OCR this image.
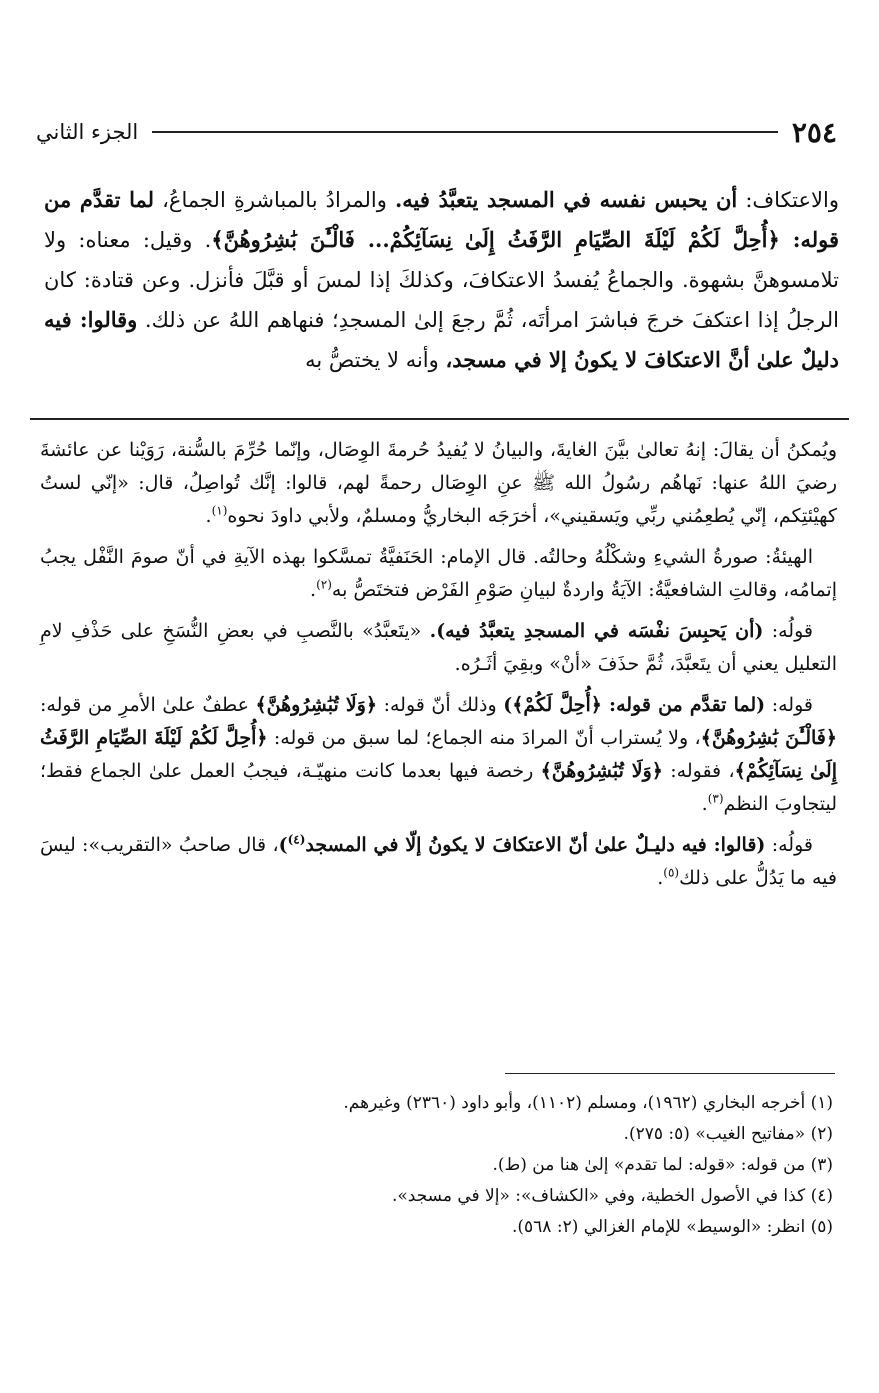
٢٥٤
الجزء الثاني

والاعتكاف: أن يحبس نفسه في المسجد يتعبَّدُ فيه. والمرادُ بالمباشرةِ الجماعُ، لما تقدَّم من قوله: ﴿أُحِلَّ لَكُمْ لَيْلَةَ الصِّيَامِ الرَّفَثُ إِلَىٰ نِسَآئِكُمْ... فَالْـَٰٔنَ بَٰشِرُوهُنَّ﴾. وقيل: معناه: ولا تلامسوهنَّ بشهوة. والجماعُ يُفسدُ الاعتكافَ، وكذلكَ إذا لمسَ أو قبَّلَ فأنزل. وعن قتادة: كان الرجلُ إذا اعتكفَ خرجَ فباشرَ امرأتَه، ثُمَّ رجعَ إلىٰ المسجدِ؛ فنهاهم اللهُ عن ذلك. وقالوا: فيه دليلٌ علىٰ أنَّ الاعتكافَ لا يكونُ إلا في مسجد، وأنه لا يختصُّ به

ويُمكنُ أن يقالَ: إنهُ تعالىٰ بيَّنَ الغايةَ، والبيانُ لا يُفيدُ حُرمةَ الوِصَال، وإنّما حُرِّمَ بالسُّنة، رَوَيْنا عن عائشةَ رضيَ اللهُ عنها: نَهاهُم رسُولُ الله ﷺ عنِ الوِصَال رحمةً لهم، قالوا: إنَّك تُواصِلُ، قال: «إنّي لستُ كهيْئتِكم، إنّي يُطعِمُني ربِّي ويَسقيني»، أخرَجَه البخاريُّ ومسلمٌ، ولأبي داودَ نحوه$^{(١)}$.

الهيئةُ: صورةُ الشيءِ وشكْلُهُ وحالتُه. قال الإمام: الحَنَفيَّةُ تمسَّكوا بهذه الآيةِ في أنّ صومَ النَّفْل يجبُ إتمامُه، وقالتِ الشافعيَّةُ: الآيَةُ واردةٌ لبيانِ صَوْمِ الفَرْض فتختَصُّ به$^{(٢)}$.

قولُه: (أن يَحبِسَ نفْسَه في المسجدِ يتعبَّدُ فيه). «يتَعبَّدُ» بالنَّصبِ في بعضِ النُّسَخِ على حَذْفِ لامِ التعليل يعني أن يتَعبَّدَ، ثُمَّ حذَفَ «أنْ» وبقِيَ أثَـرُه.

قوله: (لما تقدَّم من قوله: ﴿أُحِلَّ لَكُمْ﴾) وذلك أنّ قوله: ﴿وَلَا تُبَٰشِرُوهُنَّ﴾ عطفٌ علىٰ الأمرِ من قوله: ﴿فَالْـَٰٔنَ بَٰشِرُوهُنَّ﴾، ولا يُستراب أنّ المرادَ منه الجماع؛ لما سبق من قوله: ﴿أُحِلَّ لَكُمْ لَيْلَةَ الصِّيَامِ الرَّفَثُ إِلَىٰ نِسَآئِكُمْ﴾، فقوله: ﴿وَلَا تُبَٰشِرُوهُنَّ﴾ رخصة فيها بعدما كانت منهيّـة، فيجبُ العمل علىٰ الجماع فقط؛ ليتجاوبَ النظم$^{(٣)}$.

قولُه: (قالوا: فيه دليـلٌ علىٰ أنّ الاعتكافَ لا يكونُ إلّا في المسجد$^{(٤)}$)، قال صاحبُ «التقريب»: ليسَ فيه ما يَدُلُّ على ذلك$^{(٥)}$.

(١) أخرجه البخاري (١٩٦٢)، ومسلم (١١٠٢)، وأبو داود (٢٣٦٠) وغيرهم.
(٢) «مفاتيح الغيب» (٥: ٢٧٥).
(٣) من قوله: «قوله: لما تقدم» إلىٰ هنا من (ط).
(٤) كذا في الأصول الخطية، وفي «الكشاف»: «إلا في مسجد».
(٥) انظر: «الوسيط» للإمام الغزالي (٢: ٥٦٨).
